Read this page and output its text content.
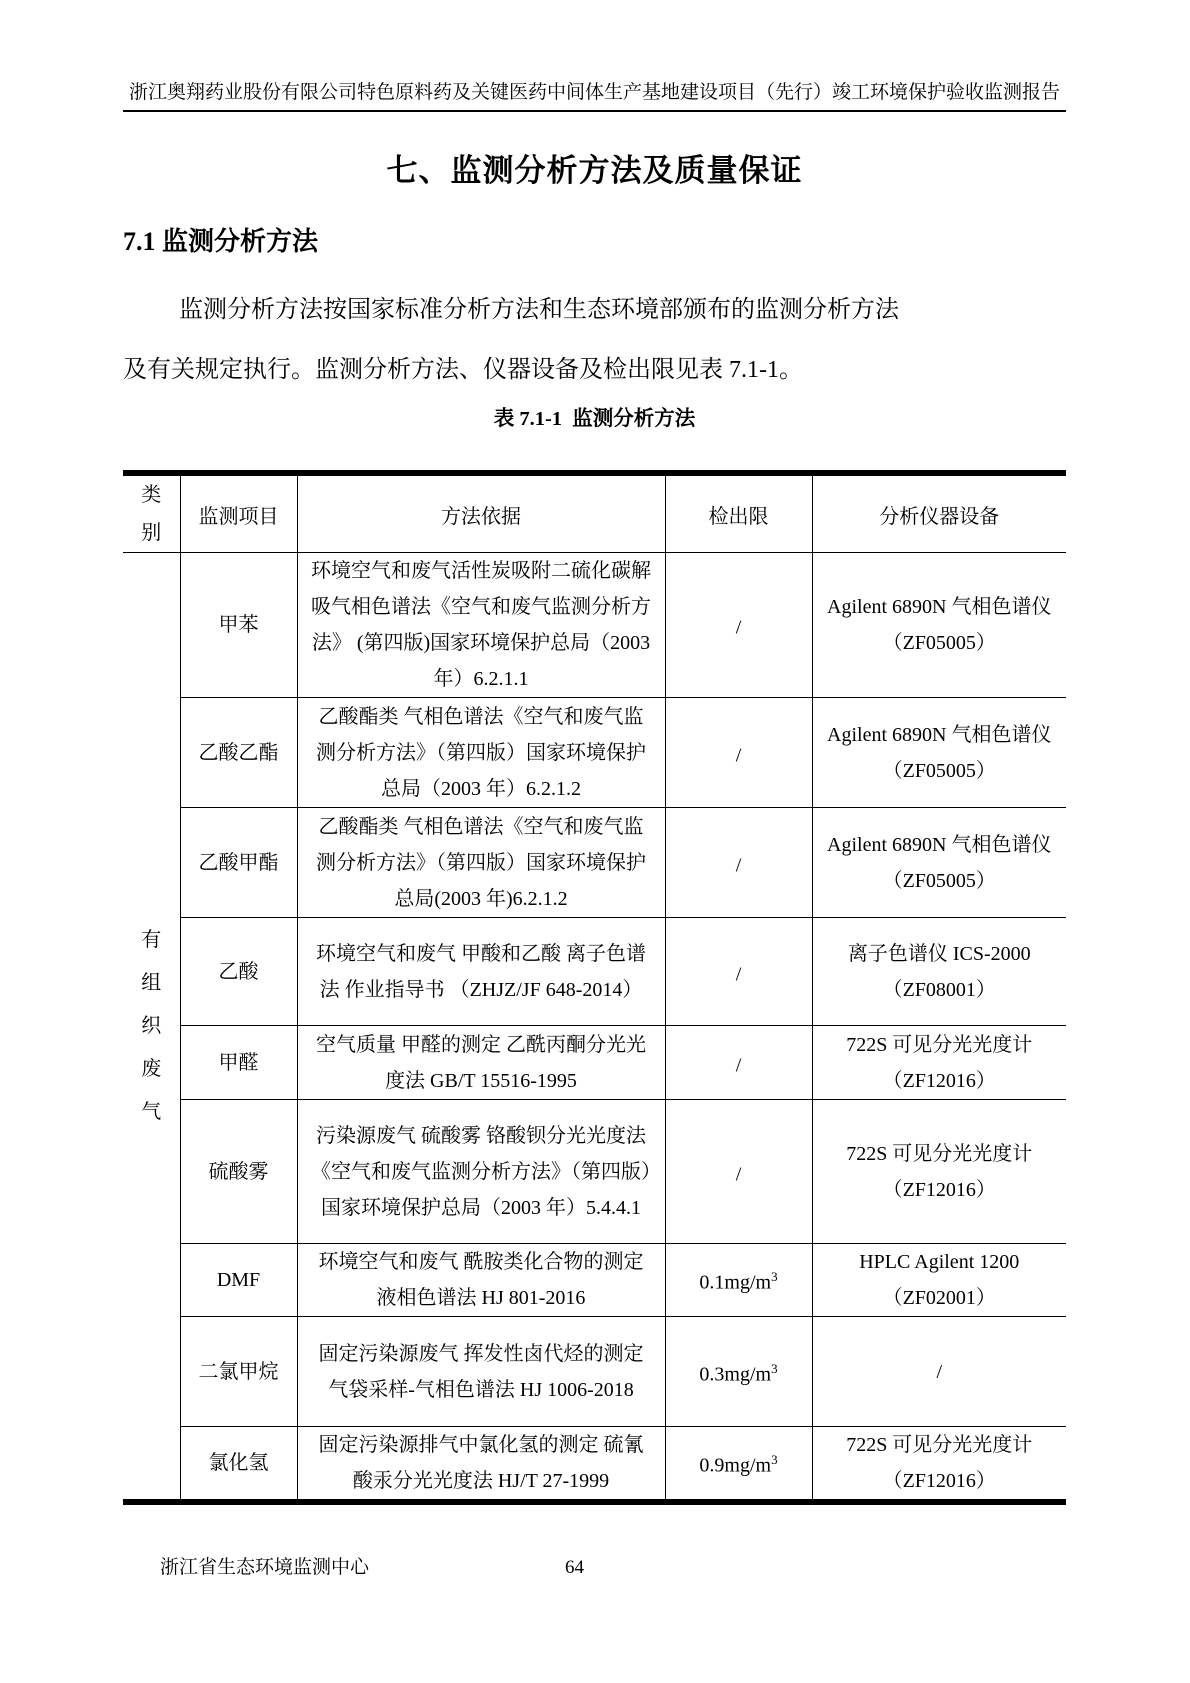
浙江奥翔药业股份有限公司特色原料药及关键医药中间体生产基地建设项目（先行）竣工环境保护验收监测报告
七、监测分析方法及质量保证
7.1 监测分析方法
监测分析方法按国家标准分析方法和生态环境部颁布的监测分析方法
及有关规定执行。监测分析方法、仪器设备及检出限见表 7.1-1。
表 7.1-1  监测分析方法
类别	监测项目	方法依据	检出限	分析仪器设备
有组织废气	甲苯	环境空气和废气活性炭吸附二硫化碳解吸气相色谱法《空气和废气监测分析方法》 (第四版)国家环境保护总局（2003 年）6.2.1.1	/	Agilent 6890N 气相色谱仪（ZF05005）
	乙酸乙酯	乙酸酯类 气相色谱法《空气和废气监测分析方法》（第四版）国家环境保护总局（2003 年）6.2.1.2	/	Agilent 6890N 气相色谱仪（ZF05005）
	乙酸甲酯	乙酸酯类 气相色谱法《空气和废气监测分析方法》（第四版）国家环境保护总局(2003 年)6.2.1.2	/	Agilent 6890N 气相色谱仪（ZF05005）
	乙酸	环境空气和废气 甲酸和乙酸 离子色谱法 作业指导书 （ZHJZ/JF 648-2014）	/	离子色谱仪 ICS-2000（ZF08001）
	甲醛	空气质量 甲醛的测定 乙酰丙酮分光光度法 GB/T 15516-1995	/	722S 可见分光光度计（ZF12016）
	硫酸雾	污染源废气 硫酸雾 铬酸钡分光光度法《空气和废气监测分析方法》（第四版）国家环境保护总局（2003 年）5.4.4.1	/	722S 可见分光光度计（ZF12016）
	DMF	环境空气和废气 酰胺类化合物的测定 液相色谱法 HJ 801-2016	$0.1mg/m^3$	HPLC Agilent 1200（ZF02001）
	二氯甲烷	固定污染源废气 挥发性卤代烃的测定 气袋采样-气相色谱法 HJ 1006-2018	$0.3mg/m^3$	/
	氯化氢	固定污染源排气中氯化氢的测定 硫氰酸汞分光光度法 HJ/T 27-1999	$0.9mg/m^3$	722S 可见分光光度计（ZF12016）
浙江省生态环境监测中心	64
